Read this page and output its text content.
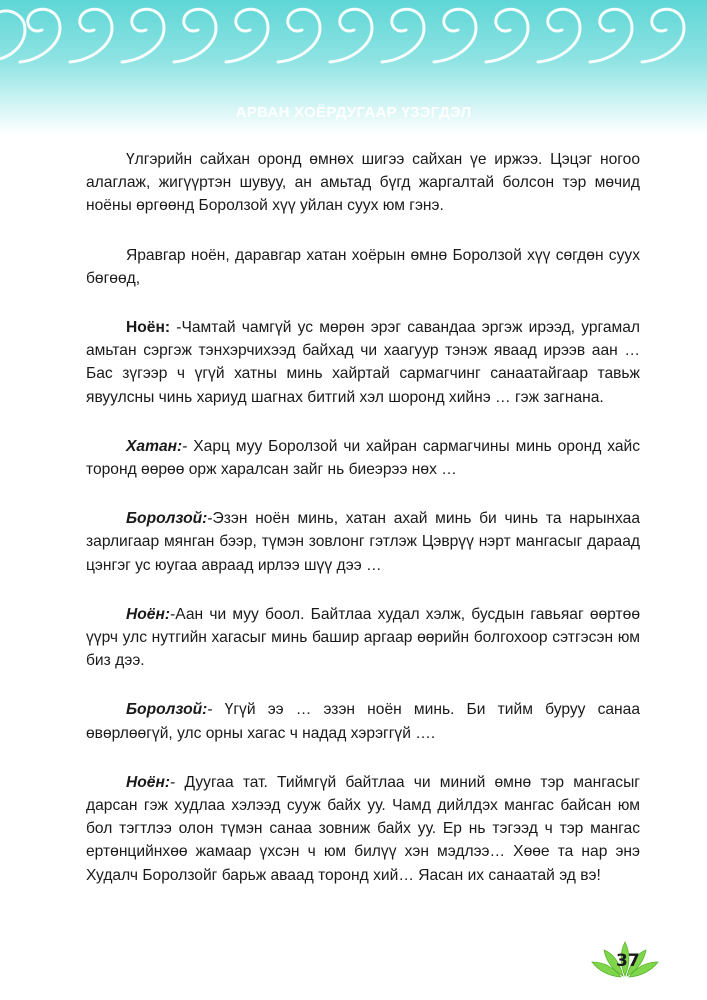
АРВАН ХОЁРДУГААР ҮЗЭГДЭЛ

Үлгэрийн сайхан оронд өмнөх шигээ сайхан үе иржээ. Цэцэг ногоо алаглаж, жигүүртэн шувуу, ан амьтад бүгд жаргалтай болсон тэр мөчид ноёны өргөөнд Боролзой хүү уйлан суух юм гэнэ.

Яравгар ноён, даравгар хатан хоёрын өмнө Боролзой хүү сөгдөн суух бөгөөд,

Ноён: -Чамтай чамгүй ус мөрөн эрэг савандаа эргэж ирээд, ургамал амьтан сэргэж тэнхэрчихээд байхад чи хаагуур тэнэж яваад ирээв аан … Бас зүгээр ч үгүй хатны минь хайртай сармагчинг санаатайгаар тавьж явуулсны чинь хариуд шагнах битгий хэл шоронд хийнэ … гэж загнана.

Хатан:- Харц муу Боролзой чи хайран сармагчины минь оронд хайс торонд өөрөө орж харалсан зайг нь биеэрээ нөх …

Боролзой:-Эзэн ноён минь, хатан ахай минь би чинь та нарынхаа зарлигаар мянган бээр, түмэн зовлонг гэтлэж Цэврүү нэрт мангасыг дараад цэнгэг ус юугаа авраад ирлээ шүү дээ …

Ноён:-Аан чи муу боол. Байтлаа худал хэлж, бусдын гавьяаг өөртөө үүрч улс нутгийн хагасыг минь башир аргаар өөрийн болгохоор сэтгэсэн юм биз дээ.

Боролзой:- Үгүй ээ … эзэн ноён минь. Би тийм буруу санаа өвөрлөөгүй, улс орны хагас ч надад хэрэггүй ….

Ноён:- Дуугаа тат. Тиймгүй байтлаа чи миний өмнө тэр мангасыг дарсан гэж худлаа хэлээд сууж байх уу. Чамд дийлдэх мангас байсан юм бол тэгтлээ олон түмэн санаа зовниж байх уу. Ер нь тэгээд ч тэр мангас ертөнцийнхөө жамаар үхсэн ч юм билүү хэн мэдлээ… Хөөе та нар энэ Худалч Боролзойг барьж аваад торонд хий… Яасан их санаатай эд вэ!

37
